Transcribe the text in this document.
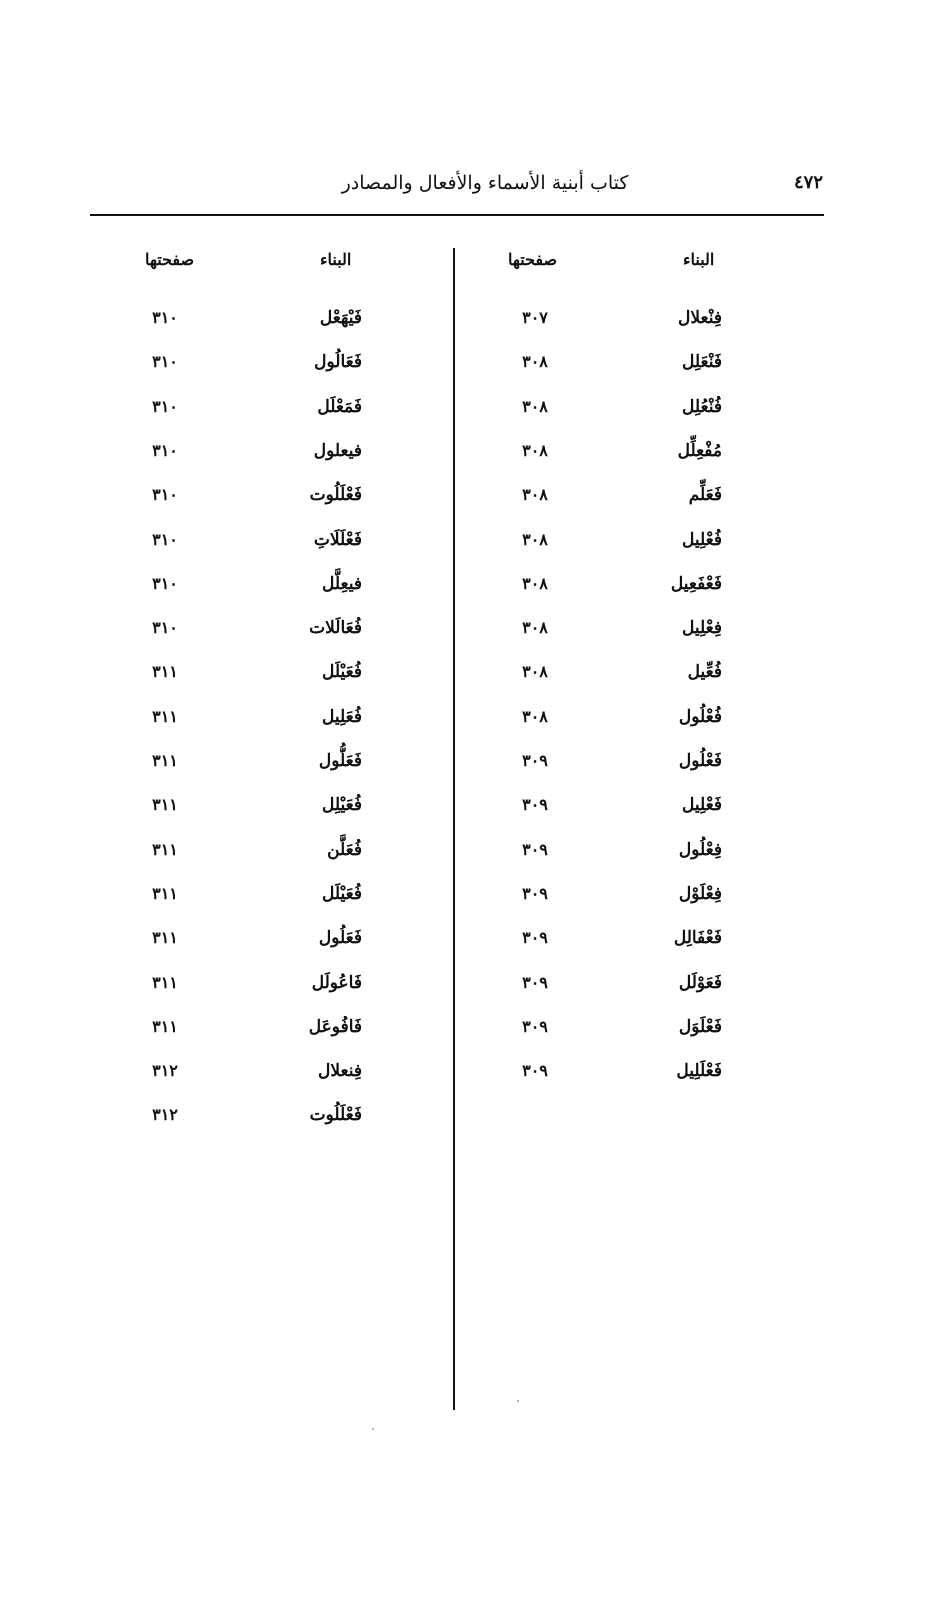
كتاب أبنية الأسماء والأفعال والمصادر	٤٧٢
البناء
صفحتها
البناء
صفحتها
فِنْعلال
٣٠٧
فَنْعَلِل
٣٠٨
فُنْعُلِل
٣٠٨
مُفْعِلِّل
٣٠٨
فَعَلِّم
٣٠٨
فُعْلِيل
٣٠٨
فَعْفَعِيل
٣٠٨
فِعْلِيل
٣٠٨
فُعِّيل
٣٠٨
فُعْلُول
٣٠٨
فَعْلُول
٣٠٩
فَعْلِيل
٣٠٩
فِعْلُول
٣٠٩
فِعْلَوْل
٣٠٩
فَعْفَالِل
٣٠٩
فَعَوْلَل
٣٠٩
فَعْلَوَل
٣٠٩
فَعْلَلِيل
٣٠٩
فَيْهَعْل
٣١٠
فَعَالُول
٣١٠
فَمَعْلَل
٣١٠
فيعلول
٣١٠
فَعْلَلُوت
٣١٠
فَعْلَلَاتِ
٣١٠
فيعِلَّل
٣١٠
فُعَالَلات
٣١٠
فُعَيْلَل
٣١١
فُعَلِيل
٣١١
فَعَلُّول
٣١١
فُعَيْلِل
٣١١
فُعَلَّن
٣١١
فُعَيْلَل
٣١١
فَعَلُول
٣١١
فَاعُولَل
٣١١
فَافُوعَل
٣١١
فِنعلال
٣١٢
فَعْلَلُوت
٣١٢
